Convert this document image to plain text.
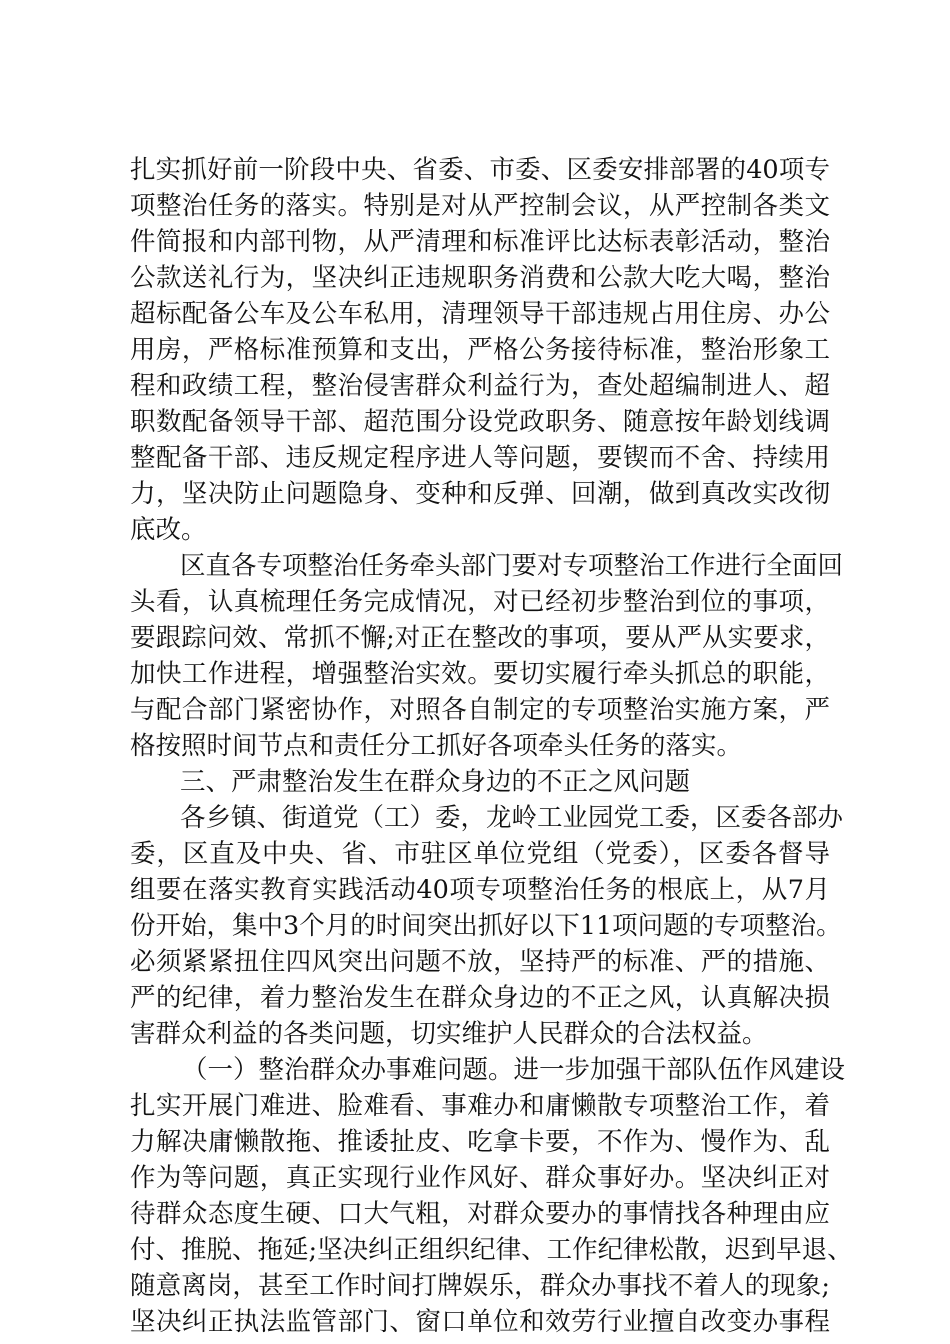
扎实抓好前一阶段中央、省委、市委、区委安排部署的40项专
项整治任务的落实。特别是对从严控制会议，从严控制各类文
件简报和内部刊物，从严清理和标准评比达标表彰活动，整治
公款送礼行为，坚决纠正违规职务消费和公款大吃大喝，整治
超标配备公车及公车私用，清理领导干部违规占用住房、办公
用房，严格标准预算和支出，严格公务接待标准，整治形象工
程和政绩工程，整治侵害群众利益行为，查处超编制进人、超
职数配备领导干部、超范围分设党政职务、随意按年龄划线调
整配备干部、违反规定程序进人等问题，要锲而不舍、持续用
力，坚决防止问题隐身、变种和反弹、回潮，做到真改实改彻
底改。
区直各专项整治任务牵头部门要对专项整治工作进行全面回
头看，认真梳理任务完成情况，对已经初步整治到位的事项，
要跟踪问效、常抓不懈;对正在整改的事项，要从严从实要求，
加快工作进程，增强整治实效。要切实履行牵头抓总的职能，
与配合部门紧密协作，对照各自制定的专项整治实施方案，严
格按照时间节点和责任分工抓好各项牵头任务的落实。
三、严肃整治发生在群众身边的不正之风问题
各乡镇、街道党（工）委，龙岭工业园党工委，区委各部办
委，区直及中央、省、市驻区单位党组（党委），区委各督导
组要在落实教育实践活动40项专项整治任务的根底上，从7月
份开始，集中3个月的时间突出抓好以下11项问题的专项整治。
必须紧紧扭住四风突出问题不放，坚持严的标准、严的措施、
严的纪律，着力整治发生在群众身边的不正之风，认真解决损
害群众利益的各类问题，切实维护人民群众的合法权益。
（一）整治群众办事难问题。进一步加强干部队伍作风建设
扎实开展门难进、脸难看、事难办和庸懒散专项整治工作，着
力解决庸懒散拖、推诿扯皮、吃拿卡要，不作为、慢作为、乱
作为等问题，真正实现行业作风好、群众事好办。坚决纠正对
待群众态度生硬、口大气粗，对群众要办的事情找各种理由应
付、推脱、拖延;坚决纠正组织纪律、工作纪律松散，迟到早退、
随意离岗，甚至工作时间打牌娱乐，群众办事找不着人的现象;
坚决纠正执法监管部门、窗口单位和效劳行业擅自改变办事程
